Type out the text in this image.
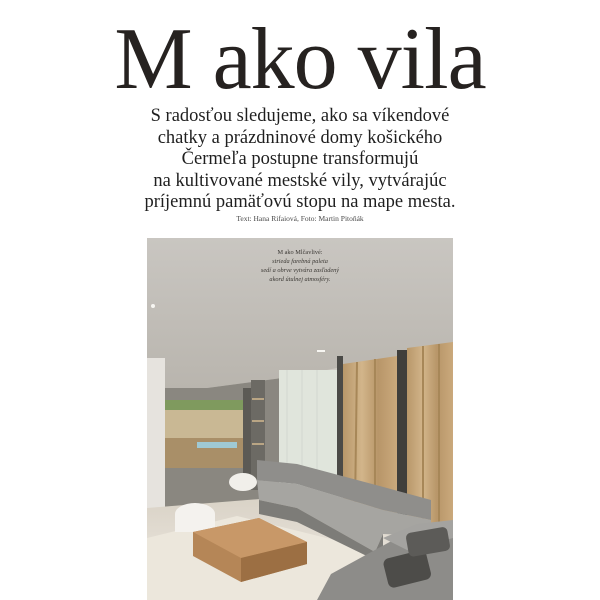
M ako vila
S radosťou sledujeme, ako sa víkendové
chatky a prázdninové domy košického
Čermeľa postupne transformujú
na kultivované mestské vily, vytvárajúc
príjemnú pamäťovú stopu na mape mesta.
Text: Hana Rifaiová, Foto: Martin Pitoňák
M ako Mlčavlivé:
strieda farebná paleta
sedí a obrve vytvára zasľadený
akord útulnej atmosféry.
